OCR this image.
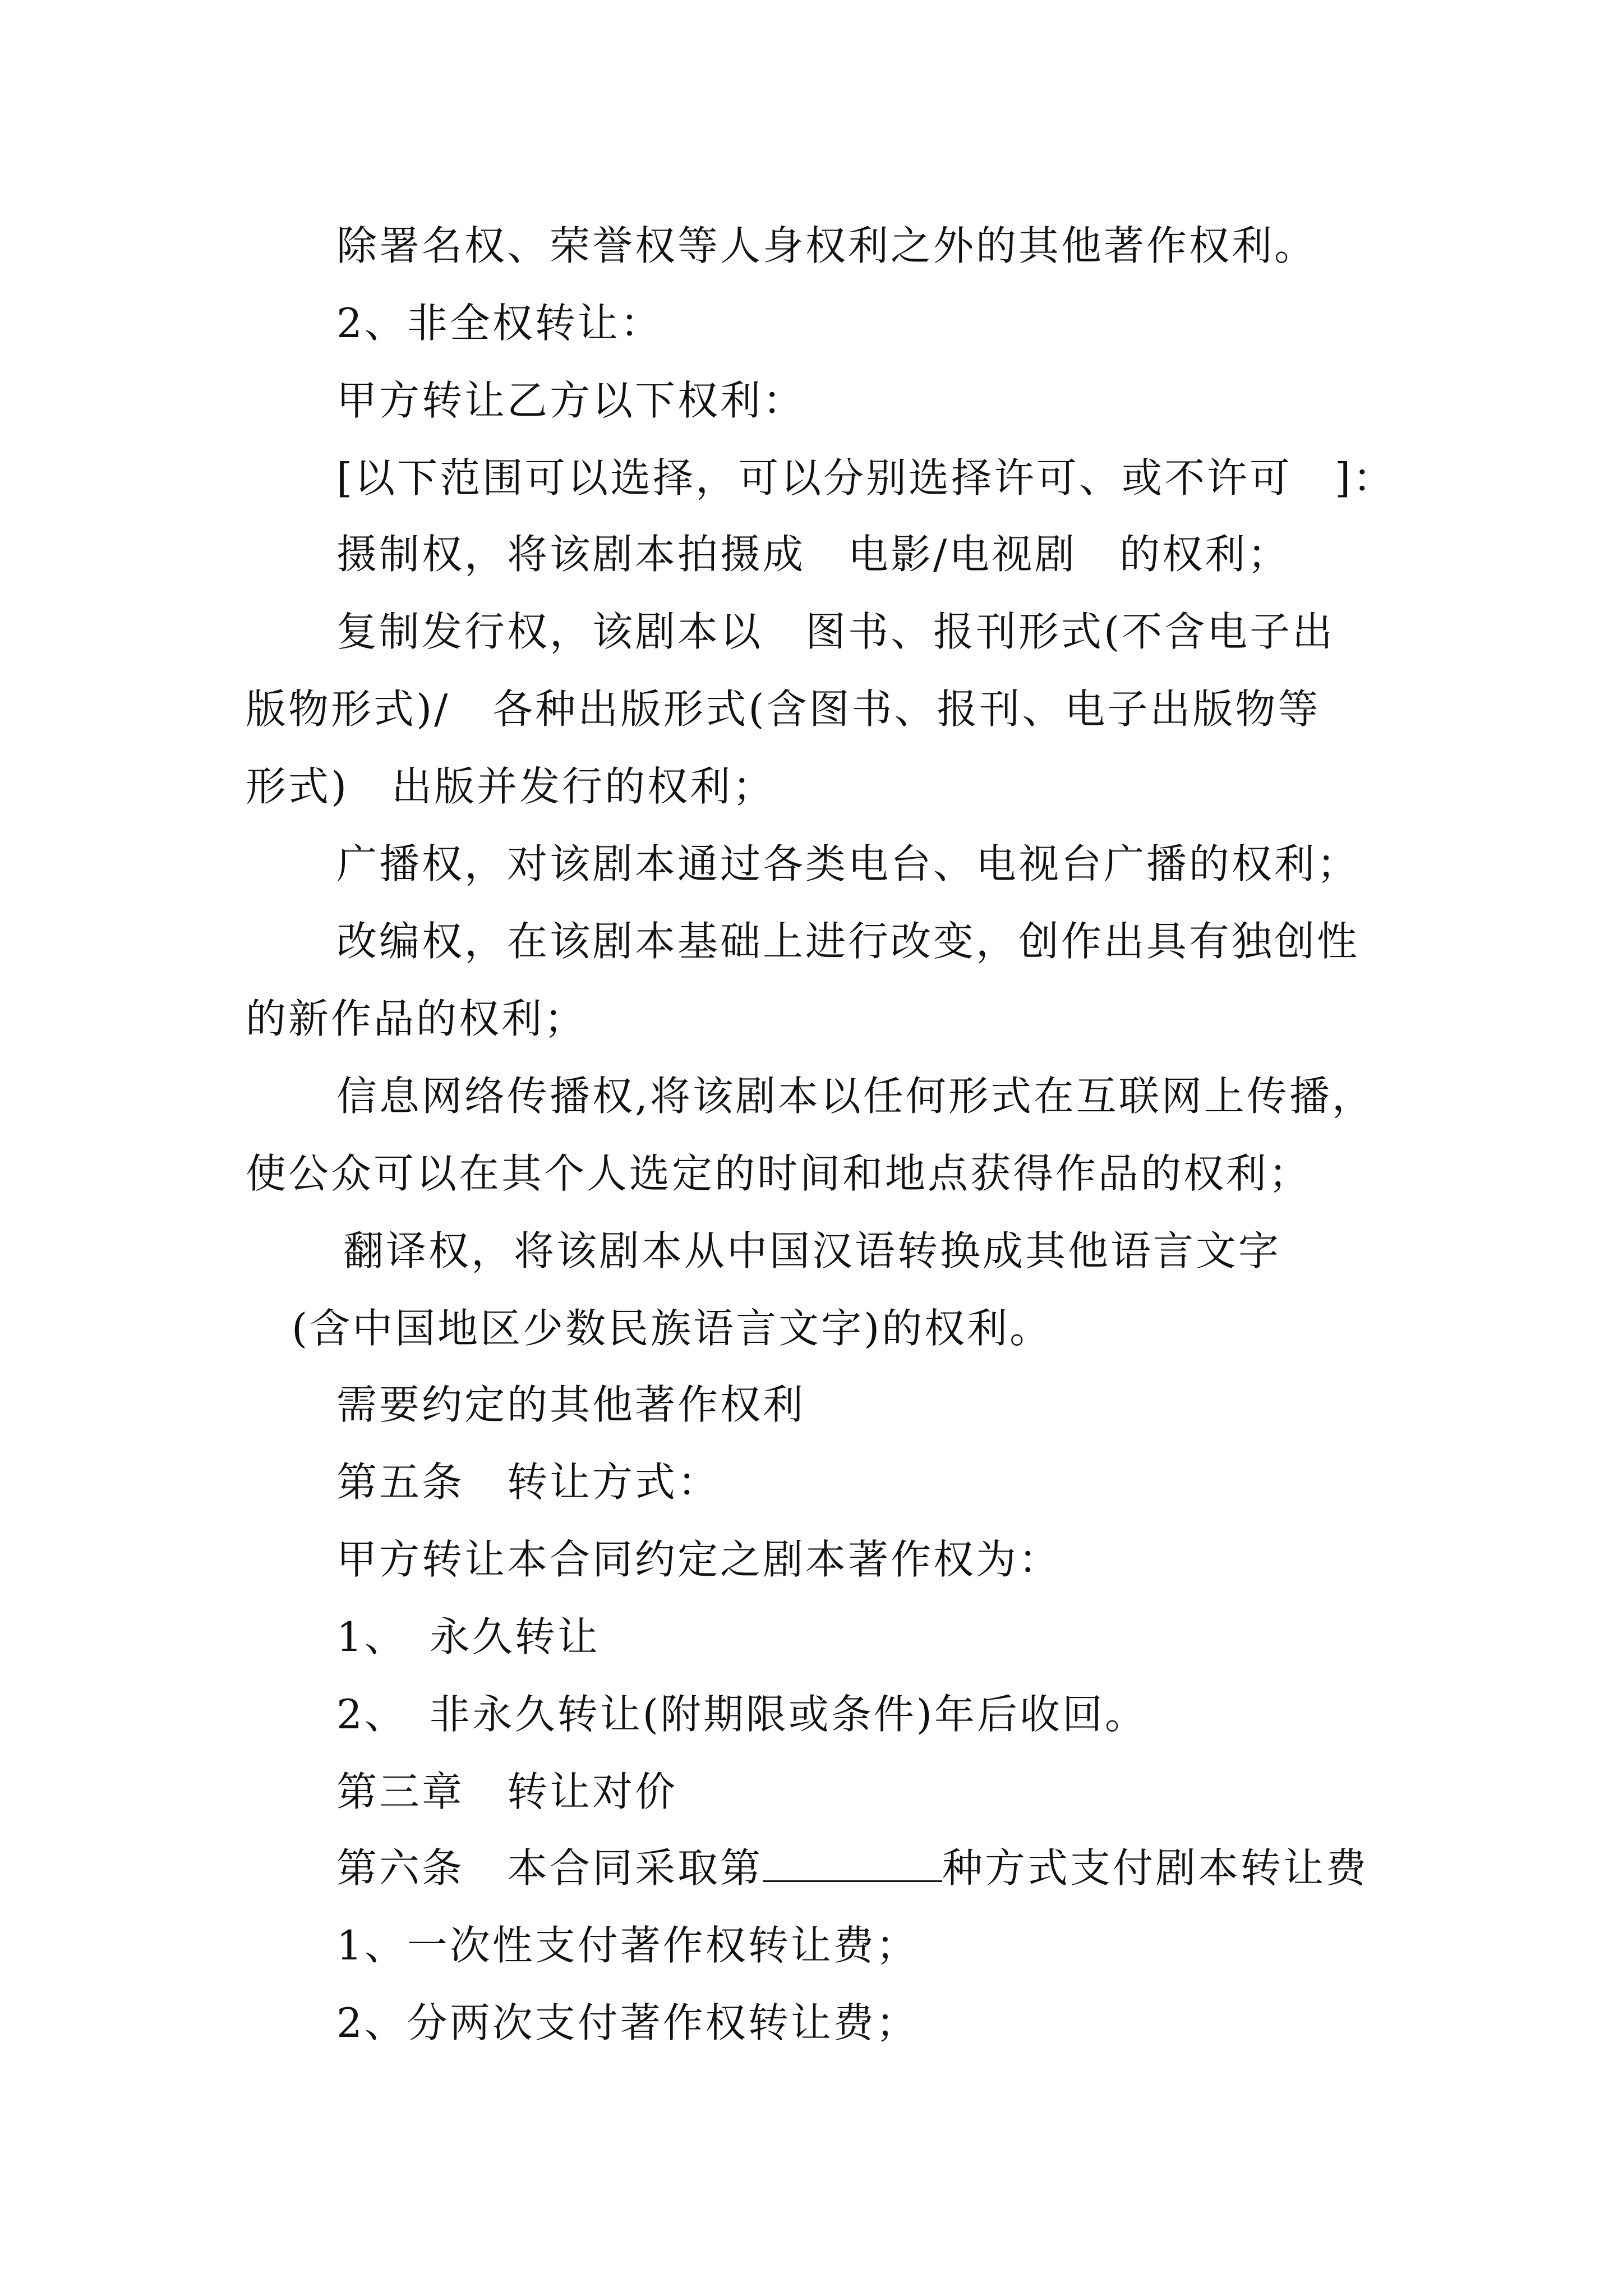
除署名权、荣誉权等人身权利之外的其他著作权利。
2、非全权转让：
甲方转让乙方以下权利：
[以下范围可以选择，可以分别选择许可、或不许可　]：
摄制权，将该剧本拍摄成　电影/电视剧　的权利；
复制发行权，该剧本以　图书、报刊形式(不含电子出
版物形式)/　各种出版形式(含图书、报刊、电子出版物等
形式)　出版并发行的权利；
广播权，对该剧本通过各类电台、电视台广播的权利；
改编权，在该剧本基础上进行改变，创作出具有独创性
的新作品的权利；
信息网络传播权,将该剧本以任何形式在互联网上传播，
使公众可以在其个人选定的时间和地点获得作品的权利；
翻译权，将该剧本从中国汉语转换成其他语言文字
(含中国地区少数民族语言文字)的权利。
需要约定的其他著作权利
第五条　转让方式：
甲方转让本合同约定之剧本著作权为：
1、　永久转让
2、　非永久转让(附期限或条件)年后收回。
第三章　转让对价
第六条　本合同采取第	种方式支付剧本转让费
1、一次性支付著作权转让费；
2、分两次支付著作权转让费；
